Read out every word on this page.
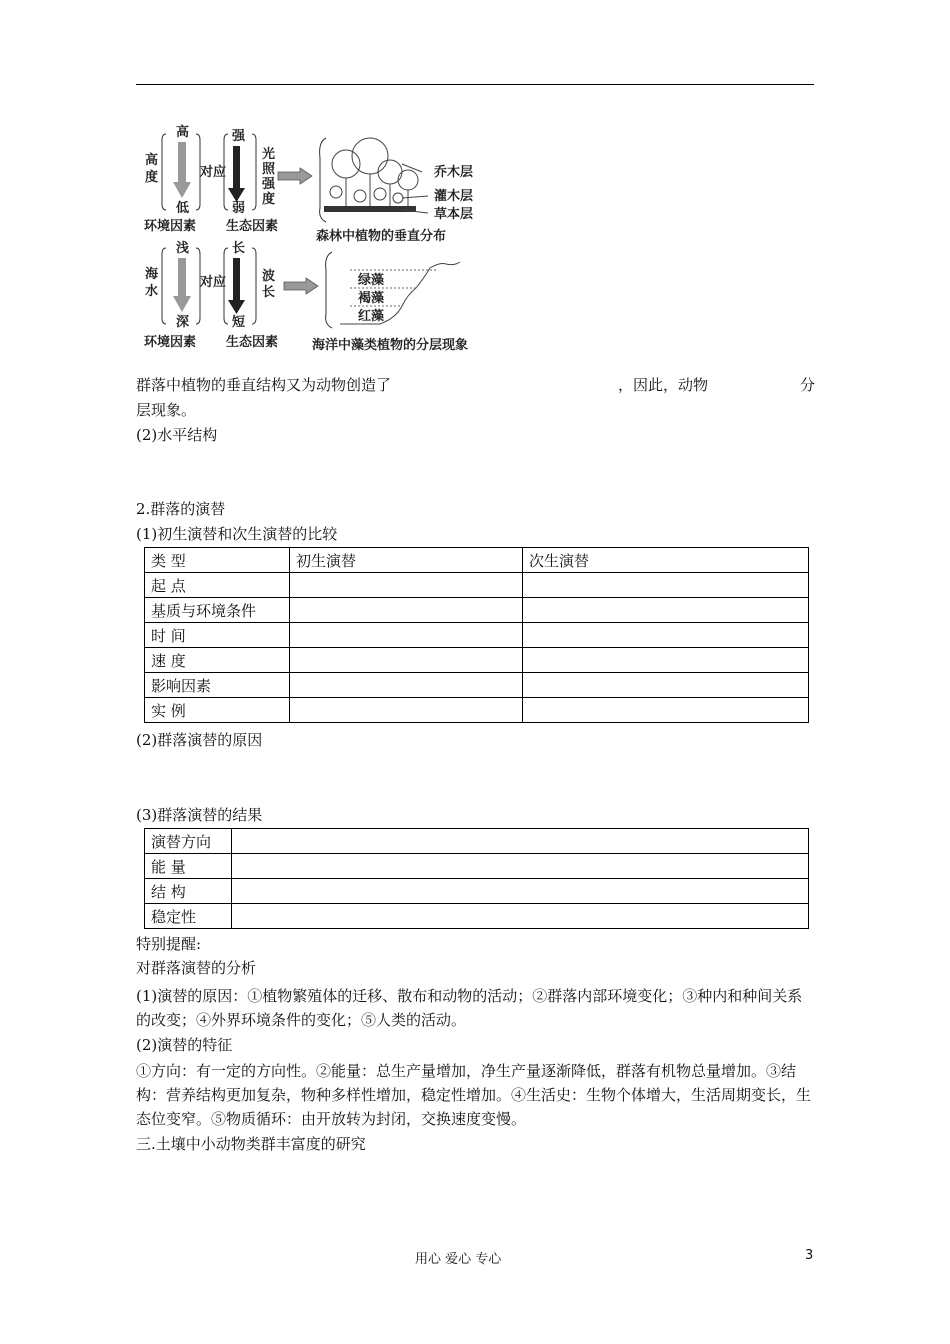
高
度
高
低
对应
强
弱
光
照
强
度
环境因素 生态因素
乔木层
灌木层
草本层
森林中植物的垂直分布
海
水
浅
深
对应
长
短
波
长
环境因素 生态因素
绿藻
褐藻
红藻
海洋中藻类植物的分层现象
群落中植物的垂直结构又为动物创造了	，因此，动物	分
层现象。
(2)水平结构
2.群落的演替
(1)初生演替和次生演替的比较
类 型	初生演替	次生演替
起 点		
基质与环境条件		
时 间		
速 度		
影响因素		
实 例		
(2)群落演替的原因
(3)群落演替的结果
演替方向	
能 量	
结 构	
稳定性	
特别提醒:
对群落演替的分析
(1)演替的原因：①植物繁殖体的迁移、散布和动物的活动；②群落内部环境变化；③种内和种间关系的改变；④外界环境条件的变化；⑤人类的活动。
(2)演替的特征
①方向：有一定的方向性。②能量：总生产量增加，净生产量逐渐降低，群落有机物总量增加。③结构：营养结构更加复杂，物种多样性增加，稳定性增加。④生活史：生物个体增大，生活周期变长，生态位变窄。⑤物质循环：由开放转为封闭，交换速度变慢。
三.土壤中小动物类群丰富度的研究
用心 爱心 专心	3
